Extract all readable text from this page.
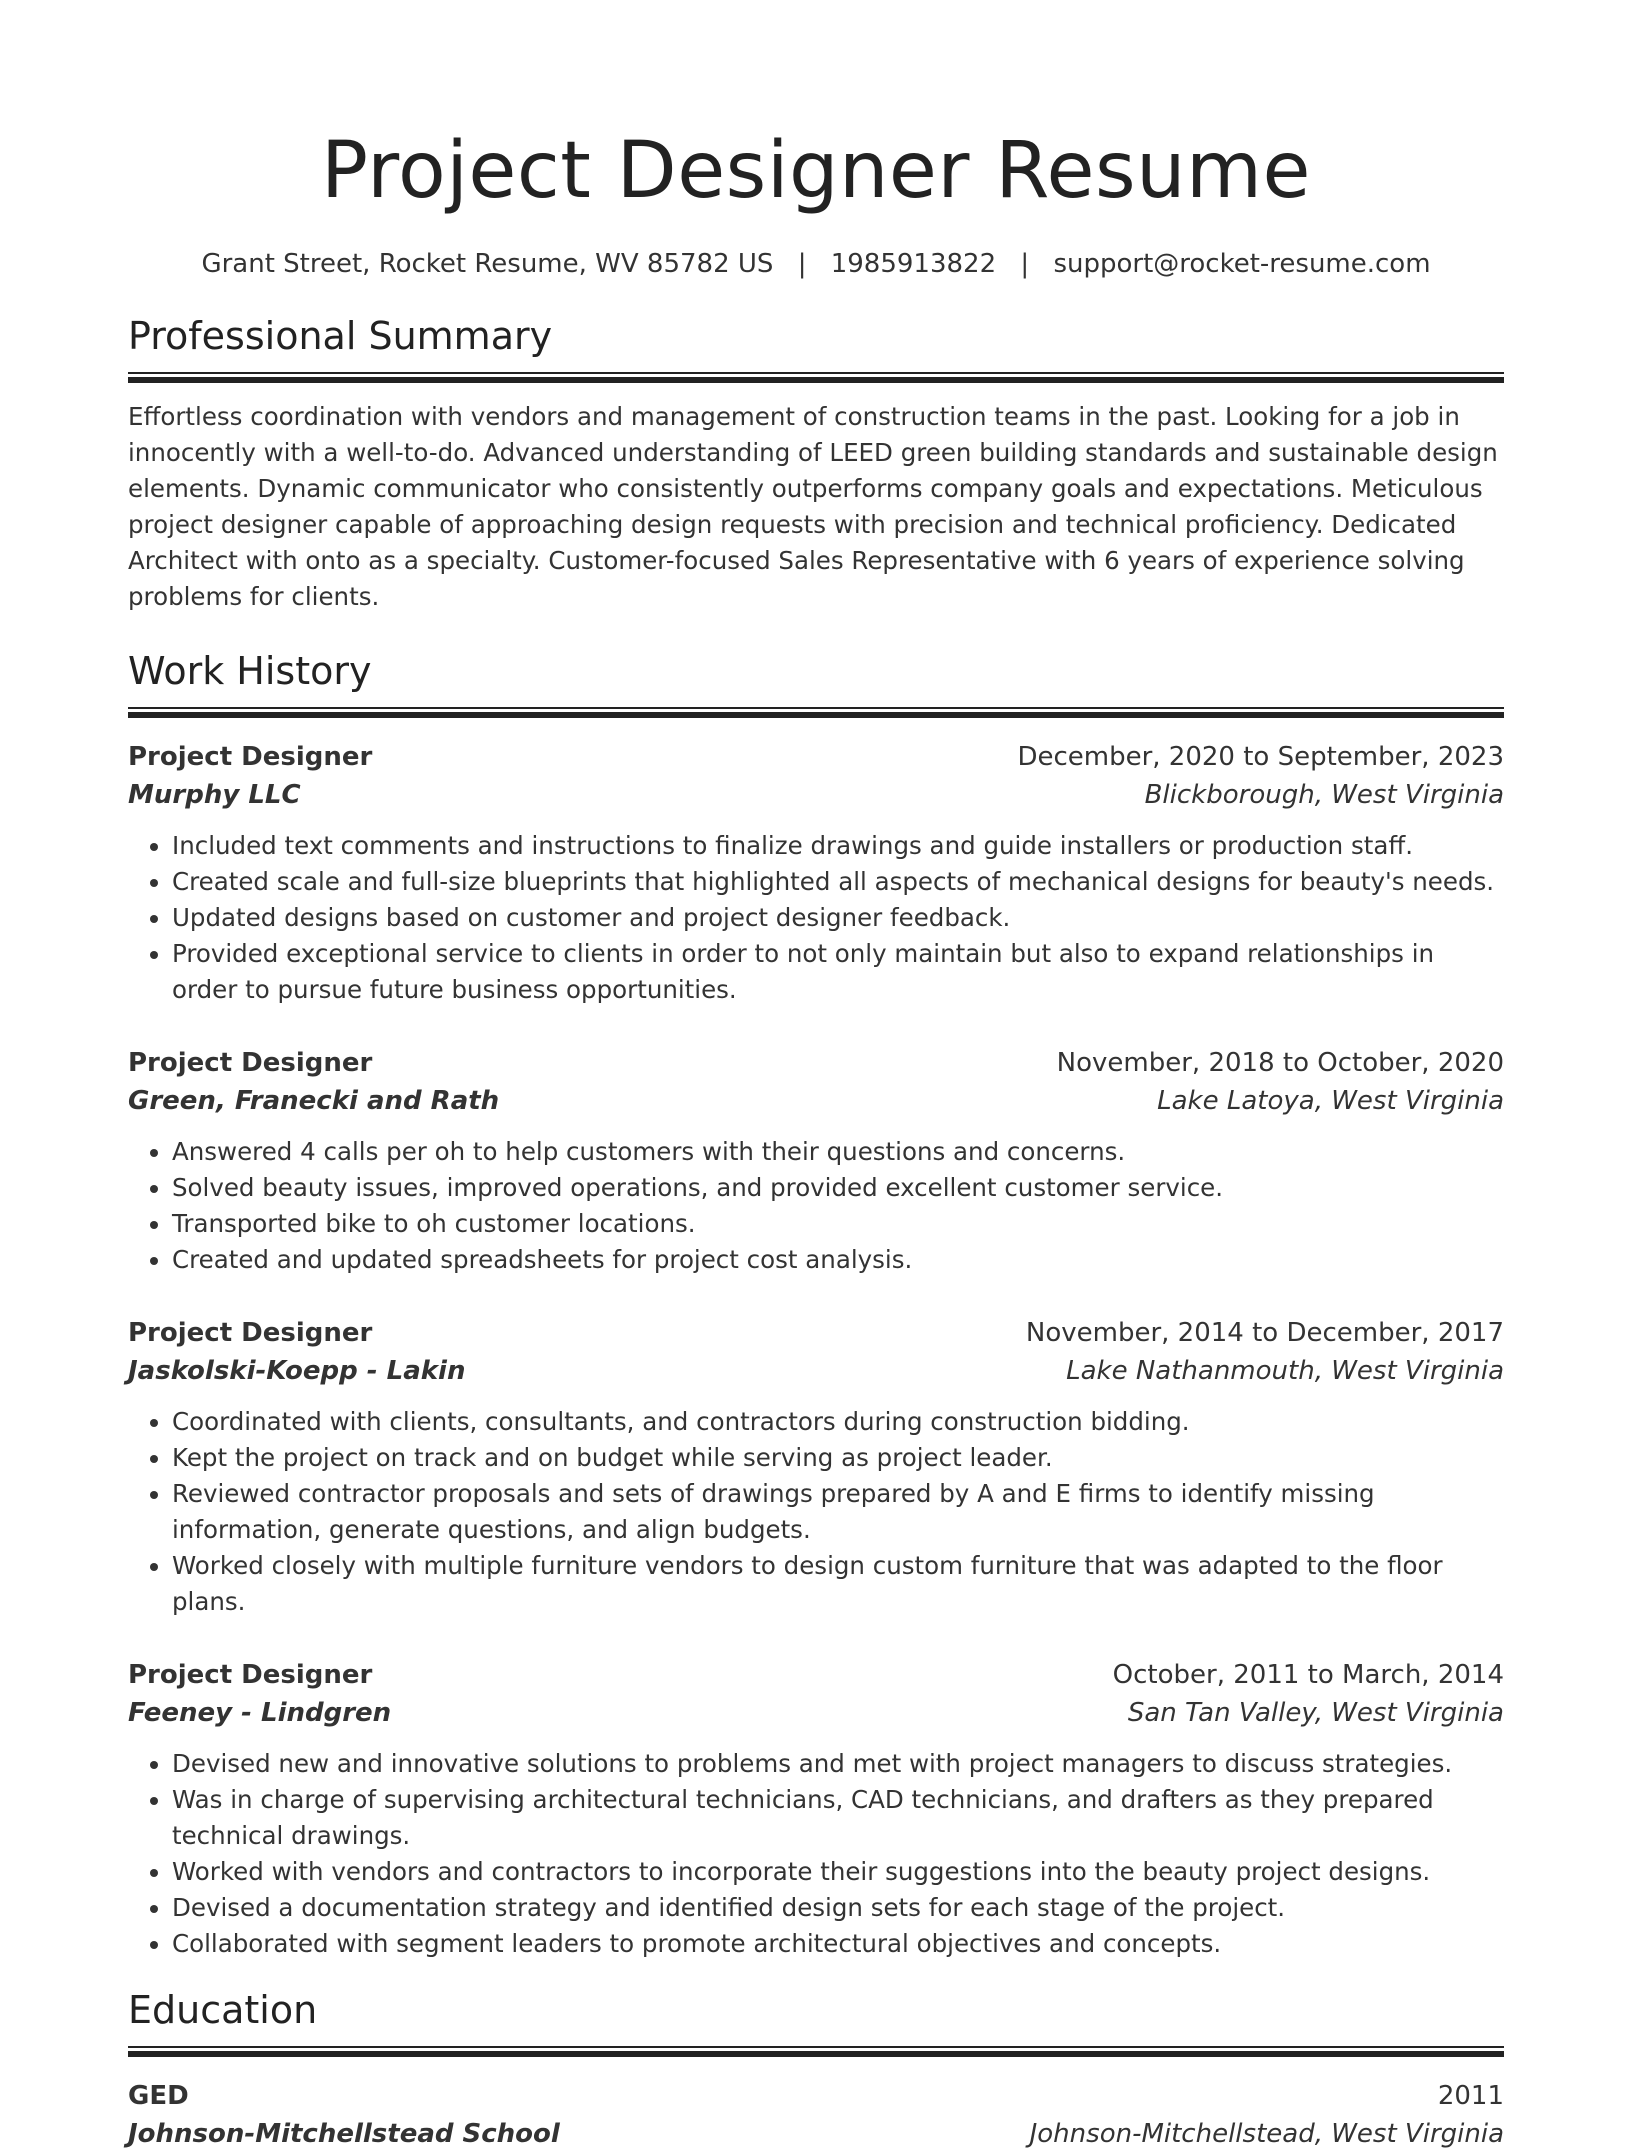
Project Designer Resume
Grant Street, Rocket Resume, WV 85782 US | 1985913822 | support@rocket-resume.com
Professional Summary

Effortless coordination with vendors and management of construction teams in the past. Looking for a job in innocently with a well-to-do. Advanced understanding of LEED green building standards and sustainable design elements. Dynamic communicator who consistently outperforms company goals and expectations. Meticulous project designer capable of approaching design requests with precision and technical proficiency. Dedicated Architect with onto as a specialty. Customer-focused Sales Representative with 6 years of experience solving problems for clients.

Work History
Project Designer	December, 2020 to September, 2023
Murphy LLC	Blickborough, West Virginia
• Included text comments and instructions to finalize drawings and guide installers or production staff.
• Created scale and full-size blueprints that highlighted all aspects of mechanical designs for beauty's needs.
• Updated designs based on customer and project designer feedback.
• Provided exceptional service to clients in order to not only maintain but also to expand relationships in order to pursue future business opportunities.
Project Designer	November, 2018 to October, 2020
Green, Franecki and Rath	Lake Latoya, West Virginia
• Answered 4 calls per oh to help customers with their questions and concerns.
• Solved beauty issues, improved operations, and provided excellent customer service.
• Transported bike to oh customer locations.
• Created and updated spreadsheets for project cost analysis.
Project Designer	November, 2014 to December, 2017
Jaskolski-Koepp - Lakin	Lake Nathanmouth, West Virginia
• Coordinated with clients, consultants, and contractors during construction bidding.
• Kept the project on track and on budget while serving as project leader.
• Reviewed contractor proposals and sets of drawings prepared by A and E firms to identify missing information, generate questions, and align budgets.
• Worked closely with multiple furniture vendors to design custom furniture that was adapted to the floor plans.
Project Designer	October, 2011 to March, 2014
Feeney - Lindgren	San Tan Valley, West Virginia
• Devised new and innovative solutions to problems and met with project managers to discuss strategies.
• Was in charge of supervising architectural technicians, CAD technicians, and drafters as they prepared technical drawings.
• Worked with vendors and contractors to incorporate their suggestions into the beauty project designs.
• Devised a documentation strategy and identified design sets for each stage of the project.
• Collaborated with segment leaders to promote architectural objectives and concepts.
Education
GED	2011
Johnson-Mitchellstead School	Johnson-Mitchellstead, West Virginia
